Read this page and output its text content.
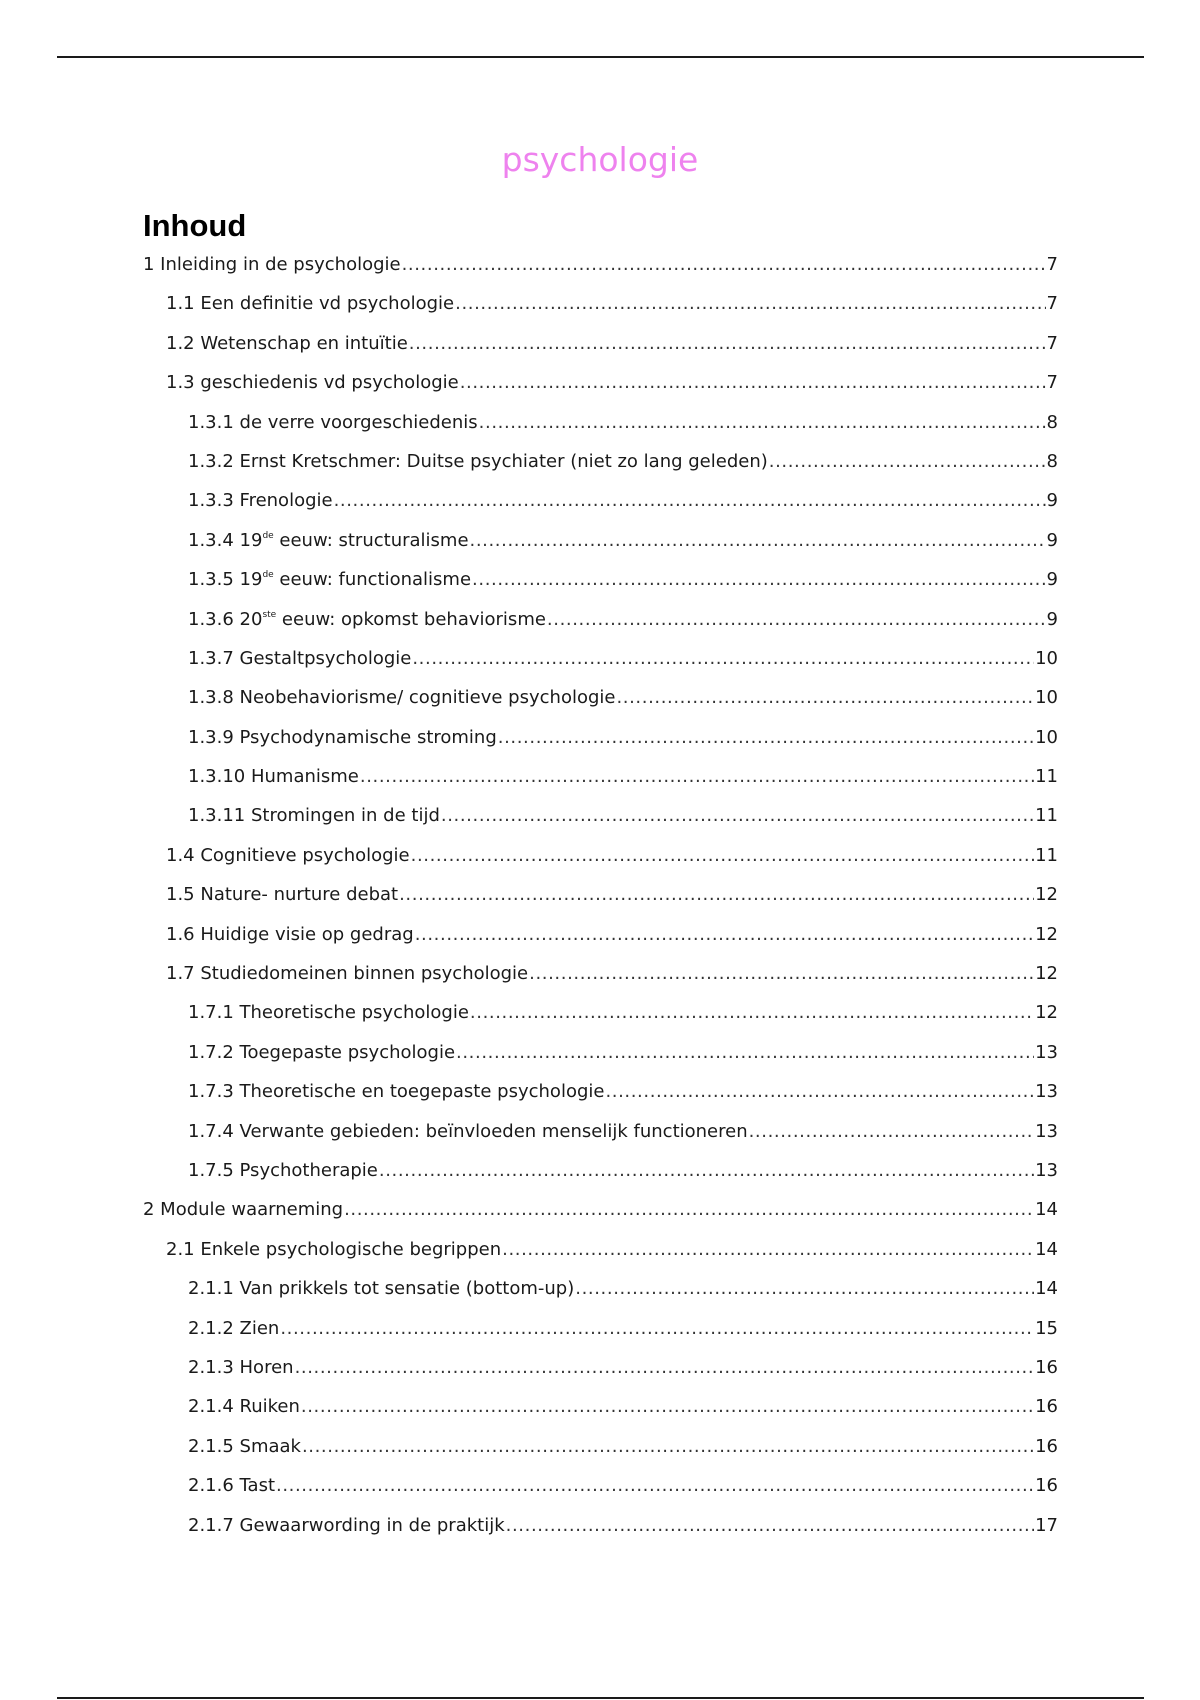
psychologie
Inhoud
1 Inleiding in de psychologie .....	7
1.1 Een definitie vd psychologie .....	7
1.2 Wetenschap en intuïtie .....	7
1.3 geschiedenis vd psychologie .....	7
1.3.1 de verre voorgeschiedenis .....	8
1.3.2 Ernst Kretschmer: Duitse psychiater (niet zo lang geleden) .....	8
1.3.3 Frenologie .....	9
1.3.4 19de eeuw: structuralisme .....	9
1.3.5 19de eeuw: functionalisme .....	9
1.3.6 20ste eeuw: opkomst behaviorisme .....	9
1.3.7 Gestaltpsychologie .....	10
1.3.8 Neobehaviorisme/ cognitieve psychologie .....	10
1.3.9 Psychodynamische stroming .....	10
1.3.10 Humanisme .....	11
1.3.11 Stromingen in de tijd .....	11
1.4 Cognitieve psychologie .....	11
1.5 Nature- nurture debat .....	12
1.6 Huidige visie op gedrag .....	12
1.7 Studiedomeinen binnen psychologie .....	12
1.7.1 Theoretische psychologie .....	12
1.7.2 Toegepaste psychologie .....	13
1.7.3 Theoretische en toegepaste psychologie .....	13
1.7.4 Verwante gebieden: beïnvloeden menselijk functioneren .....	13
1.7.5 Psychotherapie .....	13
2 Module waarneming .....	14
2.1 Enkele psychologische begrippen .....	14
2.1.1 Van prikkels tot sensatie (bottom-up) .....	14
2.1.2 Zien .....	15
2.1.3 Horen .....	16
2.1.4 Ruiken .....	16
2.1.5 Smaak .....	16
2.1.6 Tast .....	16
2.1.7 Gewaarwording in de praktijk .....	17
